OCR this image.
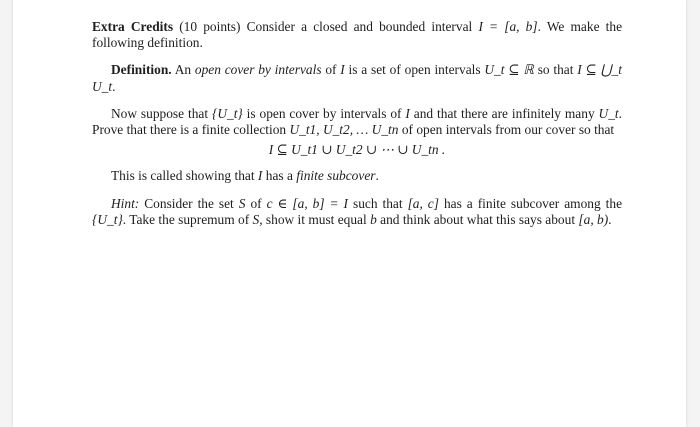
Extra Credits (10 points) Consider a closed and bounded interval I = [a, b]. We make the following definition.

Definition. An open cover by intervals of I is a set of open intervals U_t ⊆ ℝ so that I ⊆ ⋃_t U_t.

Now suppose that {U_t} is open cover by intervals of I and that there are infinitely many U_t. Prove that there is a finite collection U_t1, U_t2, … U_tn of open intervals from our cover so that

I ⊆ U_t1 ∪ U_t2 ∪ ⋯ ∪ U_tn .

This is called showing that I has a finite subcover.

Hint: Consider the set S of c ∈ [a, b] = I such that [a, c] has a finite subcover among the {U_t}. Take the supremum of S, show it must equal b and think about what this says about [a, b).
